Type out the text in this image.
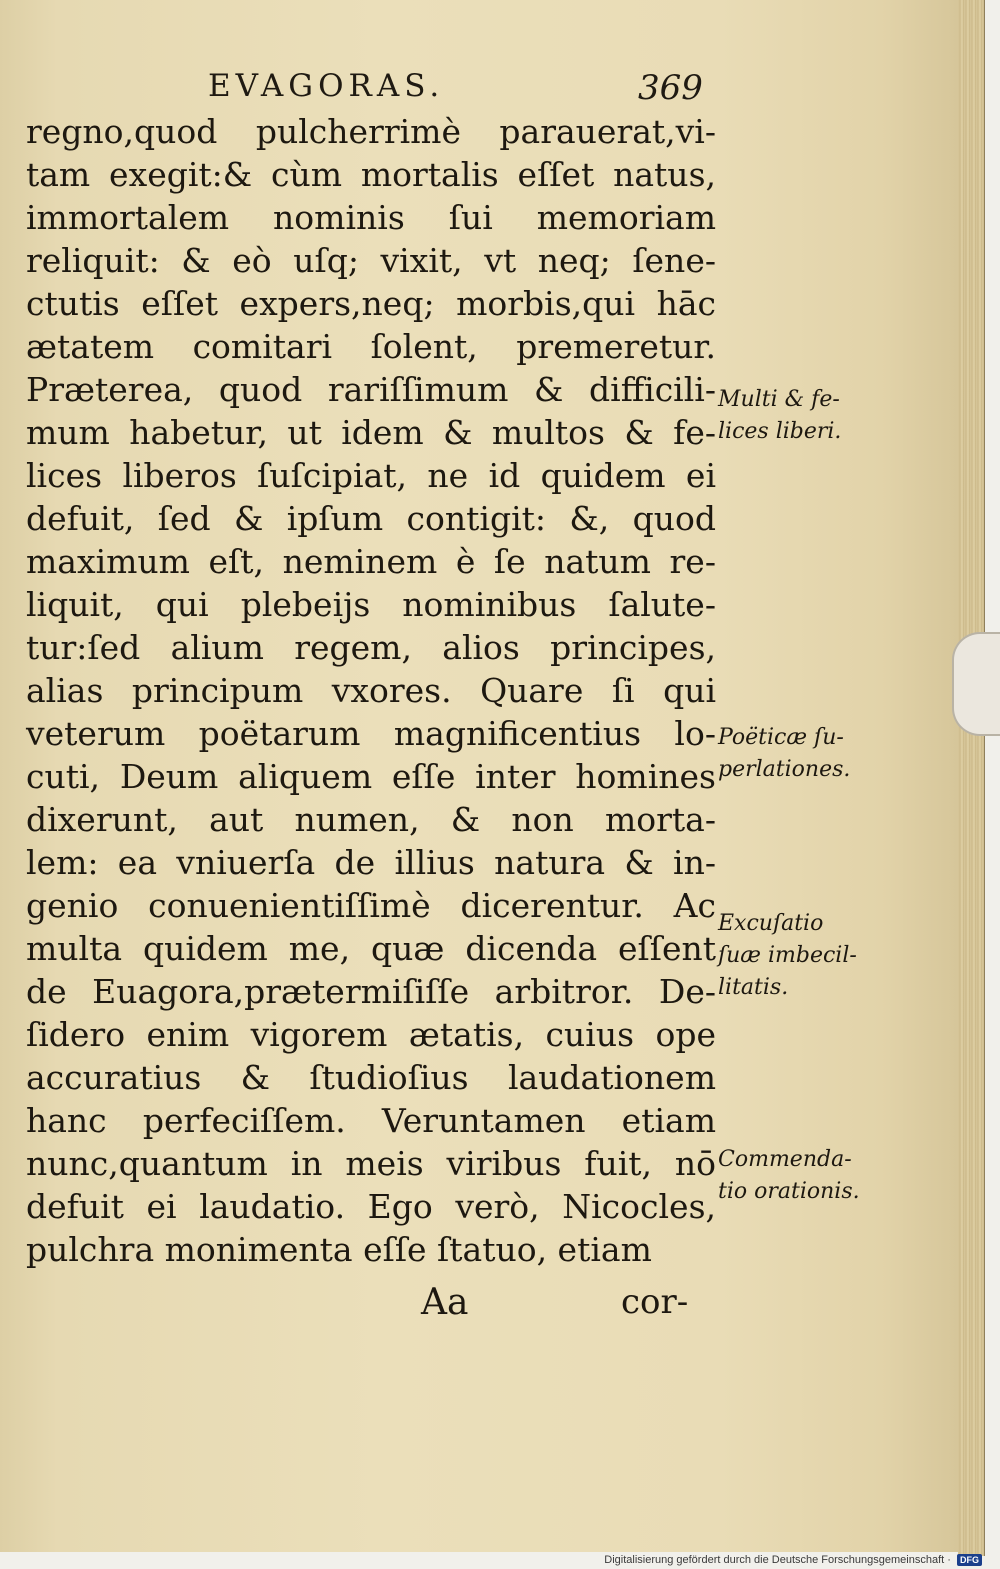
EVAGORAS.	369
regno,quod pulcherrimè parauerat,vi-
tam exegit:& cùm mortalis eſſet natus,
immortalem nominis ſui memoriam
reliquit: & eò uſq; vixit, vt neq; ſene-
ctutis eſſet expers,neq; morbis,qui hāc
ætatem comitari ſolent, premeretur.
Præterea, quod rariſſimum & difficili-
mum habetur, ut idem & multos & fe-
lices liberos ſuſcipiat, ne id quidem ei
defuit, ſed & ipſum contigit: &, quod
maximum eſt, neminem è ſe natum re-
liquit, qui plebeijs nominibus ſalute-
tur:ſed alium regem, alios principes,
alias principum vxores. Quare ſi qui
veterum poëtarum magnificentius lo-
cuti, Deum aliquem eſſe inter homines
dixerunt, aut numen, & non morta-
lem: ea vniuerſa de illius natura & in-
genio conuenientiſſimè dicerentur. Ac
multa quidem me, quæ dicenda eſſent
de Euagora,prætermiſiſſe arbitror. De-
ſidero enim vigorem ætatis, cuius ope
accuratius & ſtudioſius laudationem
hanc perfeciſſem. Veruntamen etiam
nunc,quantum in meis viribus fuit, nō
defuit ei laudatio. Ego verò, Nicocles,
pulchra monimenta eſſe ſtatuo, etiam
Multi & fe-
lices liberi.
Poëticæ ſu-
perlationes.
Excuſatio
ſuæ imbecil-
litatis.
Commenda-
tio orationis.
Aa	cor-
Digitalisierung gefördert durch die Deutsche Forschungsgemeinschaft · DFG
